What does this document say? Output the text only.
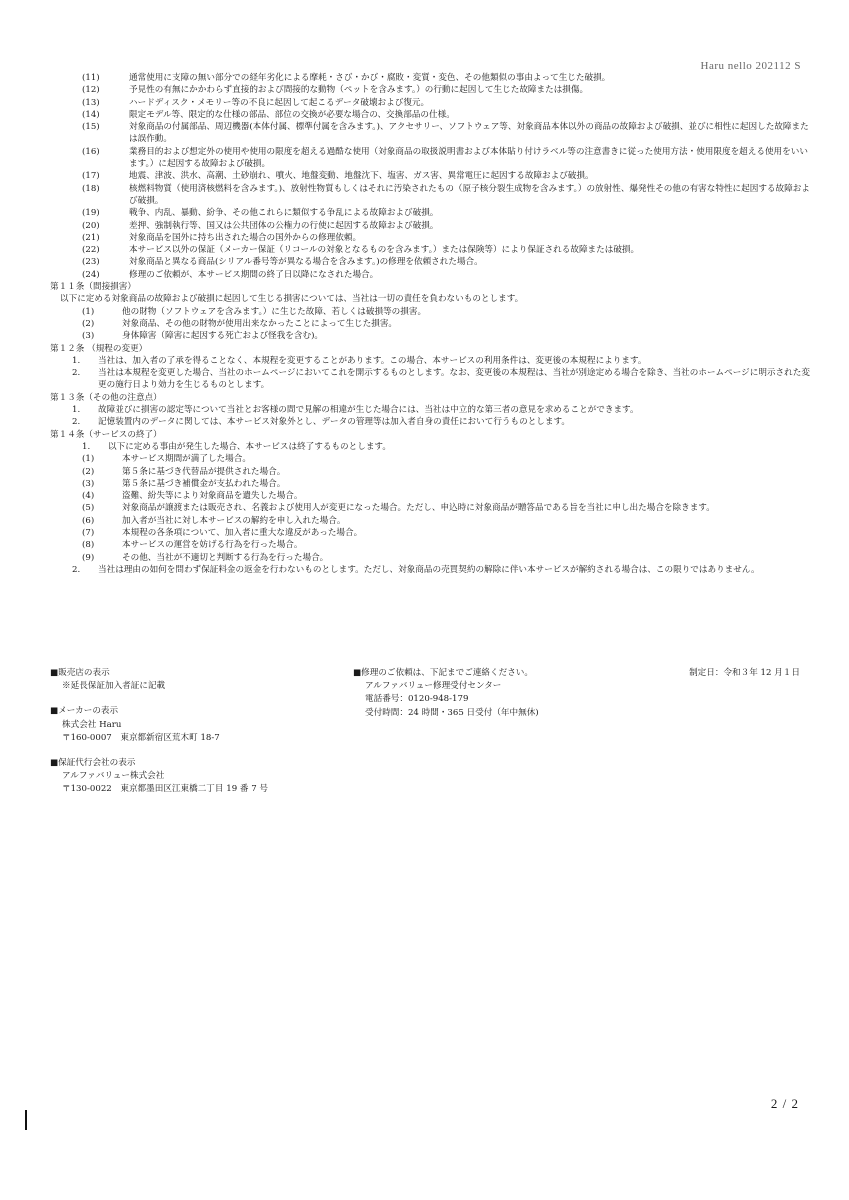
Haru nello 202112 S
(11)	通常使用に支障の無い部分での経年劣化による摩耗・さび・かび・腐敗・変質・変色、その他類似の事由よって生じた破損。
(12)	予見性の有無にかかわらず直接的および間接的な動物（ペットを含みます。）の行動に起因して生じた故障または損傷。
(13)	ハードディスク・メモリー等の不良に起因して起こるデータ破壊および復元。
(14)	限定モデル等、限定的な仕様の部品、部位の交換が必要な場合の、交換部品の仕様。
(15)	対象商品の付属部品、周辺機器(本体付属、標準付属を含みます。)、アクセサリー、ソフトウェア等、対象商品本体以外の商品の故障および破損、並びに相性に起因した故障または誤作動。
(16)	業務目的および想定外の使用や使用の限度を超える過酷な使用（対象商品の取扱説明書および本体貼り付けラベル等の注意書きに従った使用方法・使用限度を超える使用をいいます。）に起因する故障および破損。
(17)	地震、津波、洪水、高潮、土砂崩れ、噴火、地盤変動、地盤沈下、塩害、ガス害、異常電圧に起因する故障および破損。
(18)	核燃料物質（使用済核燃料を含みます。)、放射性物質もしくはそれに汚染されたもの（原子核分裂生成物を含みます。）の放射性、爆発性その他の有害な特性に起因する故障および破損。
(19)	戦争、内乱、暴動、紛争、その他これらに類似する争乱による故障および破損。
(20)	差押、強制執行等、国又は公共団体の公権力の行使に起因する故障および破損。
(21)	対象商品を国外に持ち出された場合の国外からの修理依頼。
(22)	本サービス以外の保証（メーカー保証（リコールの対象となるものを含みます。）または保険等）により保証される故障または破損。
(23)	対象商品と異なる商品(シリアル番号等が異なる場合を含みます。)の修理を依頼された場合。
(24)	修理のご依頼が、本サービス期間の終了日以降になされた場合。
第１１条（間接損害）
以下に定める対象商品の故障および破損に起因して生じる損害については、当社は一切の責任を負わないものとします。
(1)	他の財物（ソフトウェアを含みます。）に生じた故障、若しくは破損等の損害。
(2)	対象商品、その他の財物が使用出来なかったことによって生じた損害。
(3)	身体障害（障害に起因する死亡および怪我を含む)。
第１２条 （規程の変更）
1.	当社は、加入者の了承を得ることなく、本規程を変更することがあります。この場合、本サービスの利用条件は、変更後の本規程によります。
2.	当社は本規程を変更した場合、当社のホームページにおいてこれを開示するものとします。なお、変更後の本規程は、当社が別途定める場合を除き、当社のホームページに明示された変更の施行日より効力を生じるものとします。
第１３条（その他の注意点）
1.	故障並びに損害の認定等について当社とお客様の間で見解の相違が生じた場合には、当社は中立的な第三者の意見を求めることができます。
2.	記憶装置内のデータに関しては、本サービス対象外とし、データの管理等は加入者自身の責任において行うものとします。
第１４条（サービスの終了）
1.	以下に定める事由が発生した場合、本サービスは終了するものとします。
(1)	本サービス期間が満了した場合。
(2)	第５条に基づき代替品が提供された場合。
(3)	第５条に基づき補償金が支払われた場合。
(4)	盗難、紛失等により対象商品を遺失した場合。
(5)	対象商品が譲渡または販売され、名義および使用人が変更になった場合。ただし、申込時に対象商品が贈答品である旨を当社に申し出た場合を除きます。
(6)	加入者が当社に対し本サービスの解約を申し入れた場合。
(7)	本規程の各条項について、加入者に重大な違反があった場合。
(8)	本サービスの運営を妨げる行為を行った場合。
(9)	その他、当社が不適切と判断する行為を行った場合。
2.	当社は理由の如何を問わず保証料金の返金を行わないものとします。ただし、対象商品の売買契約の解除に伴い本サービスが解約される場合は、この限りではありません。
■販売店の表示
※延長保証加入者証に記載
■メーカーの表示
株式会社 Haru
〒160-0007　東京都新宿区荒木町 18-7
■保証代行会社の表示
アルファバリュー株式会社
〒130-0022　東京都墨田区江東橋二丁目 19 番 7 号
■修理のご依頼は、下記までご連絡ください。
アルファバリュー修理受付センター
電話番号：0120-948-179
受付時間：24 時間・365 日受付（年中無休)
制定日：令和３年 12 月１日
2 / 2
